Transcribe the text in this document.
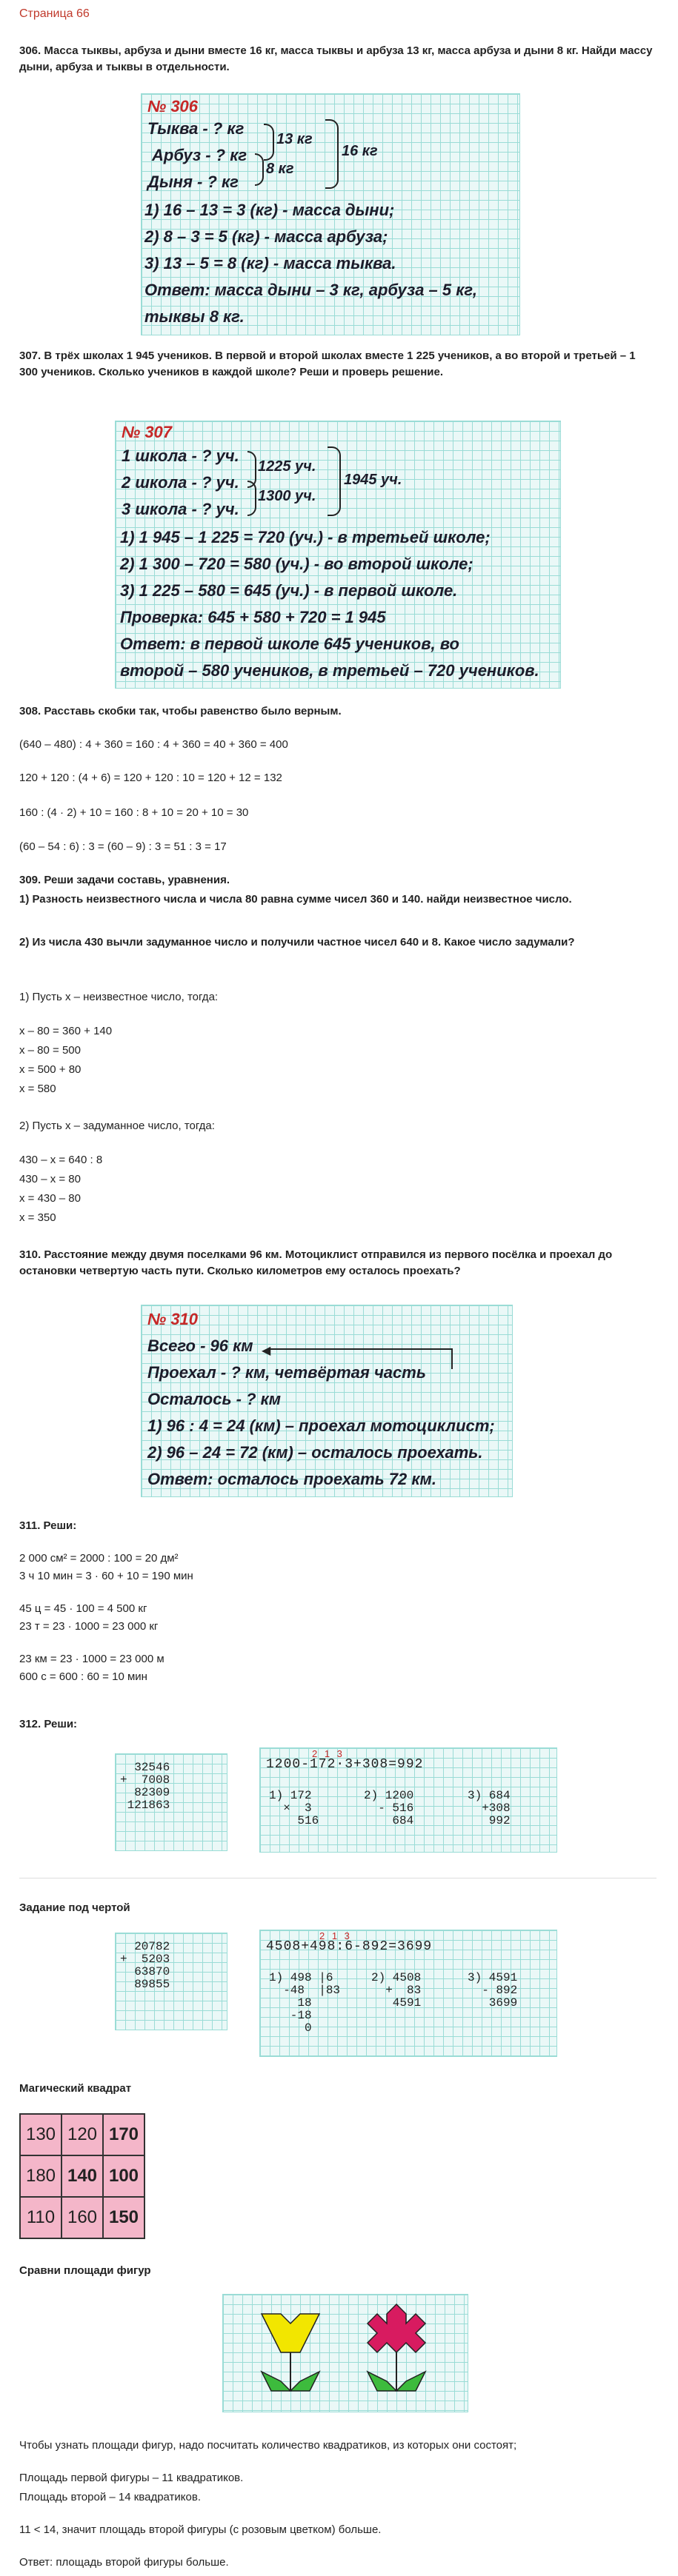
Страница 66
306. Масса тыквы, арбуза и дыни вместе 16 кг, масса тыквы и арбуза 13 кг, масса арбуза и дыни 8 кг. Найди массу дыни, арбуза и тыквы в отдельности.
№ 306
Тыква - ? кг
Арбуз - ? кг
Дыня - ? кг
13 кг
8 кг
16 кг
1) 16 – 13 = 3 (кг) - масса дыни;
2) 8 – 3 = 5 (кг) - масса арбуза;
3) 13 – 5 = 8 (кг) - масса тыква.
Ответ: масса дыни – 3 кг, арбуза – 5 кг,
тыквы 8 кг.
307. В трёх школах 1 945 учеников. В первой и второй школах вместе 1 225 учеников, а во второй и третьей – 1 300 учеников. Сколько учеников в каждой школе? Реши и проверь решение.
№ 307
1 школа - ? уч.
2 школа - ? уч.
3 школа - ? уч.
1225 уч.
1300 уч.
1945 уч.
1) 1 945 – 1 225 = 720 (уч.) - в третьей школе;
2) 1 300 – 720 = 580 (уч.) - во второй школе;
3) 1 225 – 580 = 645 (уч.) - в первой школе.
Проверка: 645 + 580 + 720 = 1 945
Ответ: в первой школе 645 учеников, во
второй – 580 учеников, в третьей – 720 учеников.
308. Расставь скобки так, чтобы равенство было верным.
(640 – 480) : 4 + 360 = 160 : 4 + 360 = 40 + 360 = 400
120 + 120 : (4 + 6) = 120 + 120 : 10 = 120 + 12 = 132
160 : (4 · 2) + 10 = 160 : 8 + 10 = 20 + 10 = 30
(60 – 54 : 6) : 3 = (60 – 9) : 3 = 51 : 3 = 17
309. Реши задачи составь, уравнения.
1) Разность неизвестного числа и числа 80 равна сумме чисел 360 и 140. найди неизвестное число.
2) Из числа 430 вычли задуманное число и получили частное чисел 640 и 8. Какое число задумали?
1) Пусть х – неизвестное число, тогда:
х – 80 = 360 + 140
х – 80 = 500
х = 500 + 80
х = 580
2) Пусть х – задуманное число, тогда:
430 – х = 640 : 8
430 – х = 80
х = 430 – 80
х = 350
310. Расстояние между двумя поселками 96 км. Мотоциклист отправился из первого посёлка и проехал до остановки четвертую часть пути. Сколько километров ему осталось проехать?
№ 310
Всего - 96 км ◀
Проехал - ? км, четвёртая часть
Осталось - ? км
1) 96 : 4 = 24 (км) – проехал мотоциклист;
2) 96 – 24 = 72 (км) – осталось проехать.
Ответ: осталось проехать 72 км.
311. Реши:
2 000 см² = 2000 : 100 = 20 дм²
3 ч 10 мин = 3 · 60 + 10 = 190 мин
45 ц = 45 · 100 = 4 500 кг
23 т = 23 · 1000 = 23 000 кг
23 км = 23 · 1000 = 23 000 м
600 с = 600 : 60 = 10 мин
312. Реши:
32546
+  7008
82309
121863
2 1 3
1200-172·3+308=992
1) 172
×  3
516
2) 1200
- 516
684
3) 684
+308
992
Задание под чертой
20782
+  5203
63870
89855
2 1 3
4508+498:6-892=3699
1) 498 |6
-48  |83
18
-18
0
2) 4508
+  83
4591
3) 4591
- 892
3699
Магический квадрат
130	120	170
180	140	100
110	160	150
Сравни площади фигур
Чтобы узнать площади фигур, надо посчитать количество квадратиков, из которых они состоят;
Площадь первой фигуры – 11 квадратиков.
Площадь второй – 14 квадратиков.
11 < 14, значит площадь второй фигуры (с розовым цветком) больше.
Ответ: площадь второй фигуры больше.
